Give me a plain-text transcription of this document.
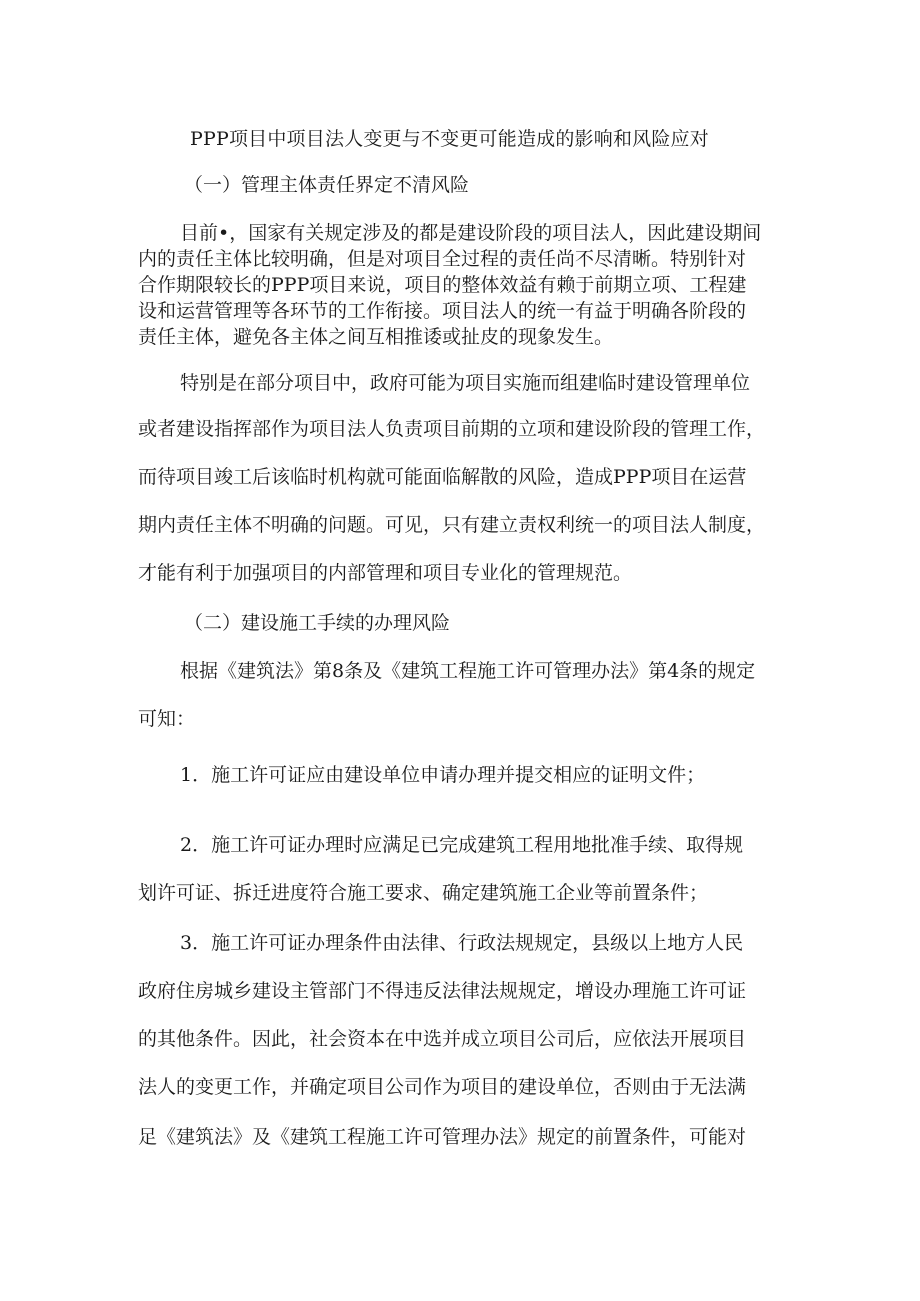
PPP项目中项目法人变更与不变更可能造成的影响和风险应对
（一）管理主体责任界定不清风险
目前•，国家有关规定涉及的都是建设阶段的项目法人，因此建设期间
内的责任主体比较明确，但是对项目全过程的责任尚不尽清晰。特别针对
合作期限较长的PPP项目来说，项目的整体效益有赖于前期立项、工程建
设和运营管理等各环节的工作衔接。项目法人的统一有益于明确各阶段的
责任主体，避免各主体之间互相推诿或扯皮的现象发生。
特别是在部分项目中，政府可能为项目实施而组建临时建设管理单位
或者建设指挥部作为项目法人负责项目前期的立项和建设阶段的管理工作，
而待项目竣工后该临时机构就可能面临解散的风险，造成PPP项目在运营
期内责任主体不明确的问题。可见，只有建立责权利统一的项目法人制度，
才能有利于加强项目的内部管理和项目专业化的管理规范。
（二）建设施工手续的办理风险
根据《建筑法》第8条及《建筑工程施工许可管理办法》第4条的规定
可知：
1．施工许可证应由建设单位申请办理并提交相应的证明文件；
2．施工许可证办理时应满足已完成建筑工程用地批准手续、取得规
划许可证、拆迁进度符合施工要求、确定建筑施工企业等前置条件；
3．施工许可证办理条件由法律、行政法规规定，县级以上地方人民
政府住房城乡建设主管部门不得违反法律法规规定，增设办理施工许可证
的其他条件。因此，社会资本在中选并成立项目公司后，应依法开展项目
法人的变更工作，并确定项目公司作为项目的建设单位，否则由于无法满
足《建筑法》及《建筑工程施工许可管理办法》规定的前置条件，可能对
